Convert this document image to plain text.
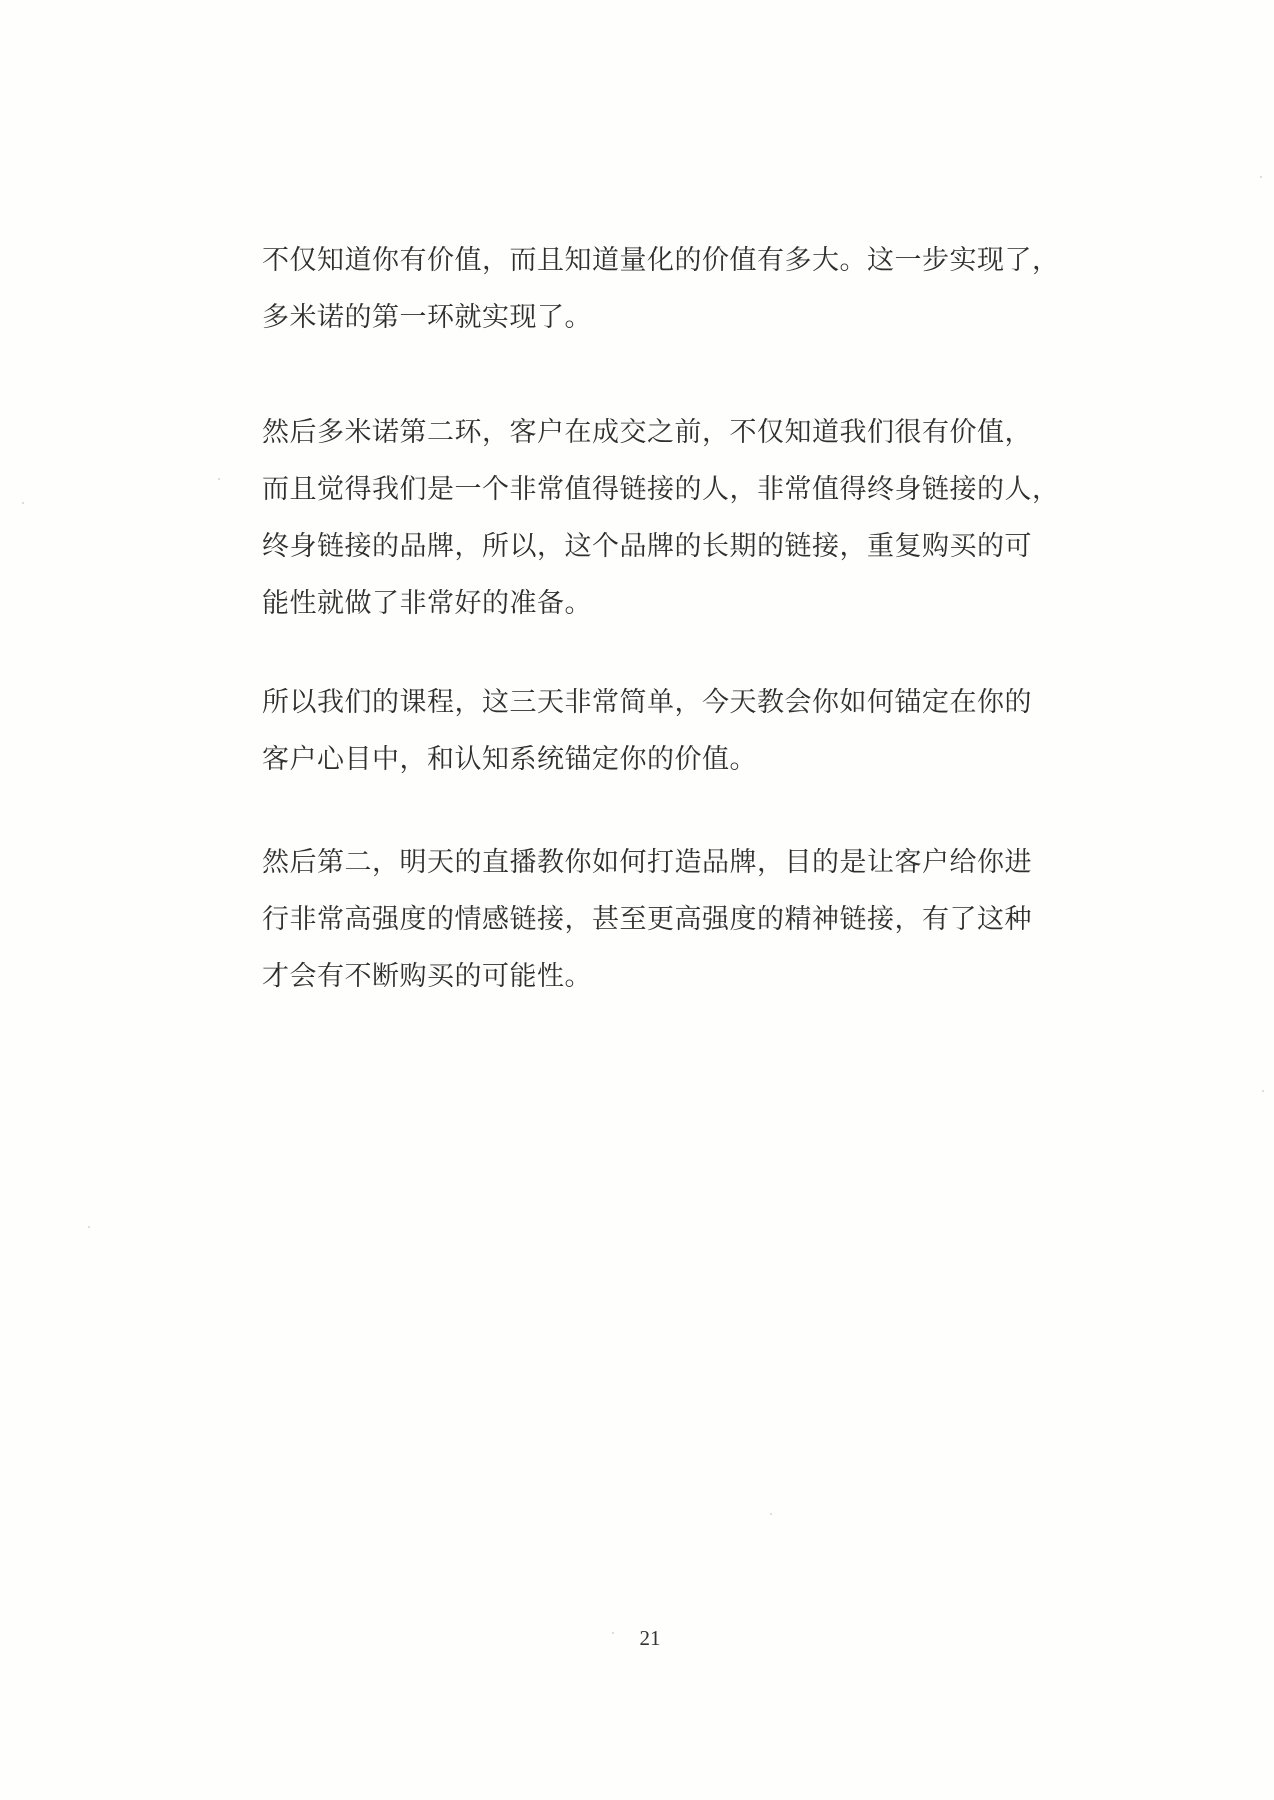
不仅知道你有价值，而且知道量化的价值有多大。这一步实现了，
多米诺的第一环就实现了。

然后多米诺第二环，客户在成交之前，不仅知道我们很有价值，
而且觉得我们是一个非常值得链接的人，非常值得终身链接的人，
终身链接的品牌，所以，这个品牌的长期的链接，重复购买的可
能性就做了非常好的准备。

所以我们的课程，这三天非常简单，今天教会你如何锚定在你的
客户心目中，和认知系统锚定你的价值。

然后第二，明天的直播教你如何打造品牌，目的是让客户给你进
行非常高强度的情感链接，甚至更高强度的精神链接，有了这种
才会有不断购买的可能性。

21
